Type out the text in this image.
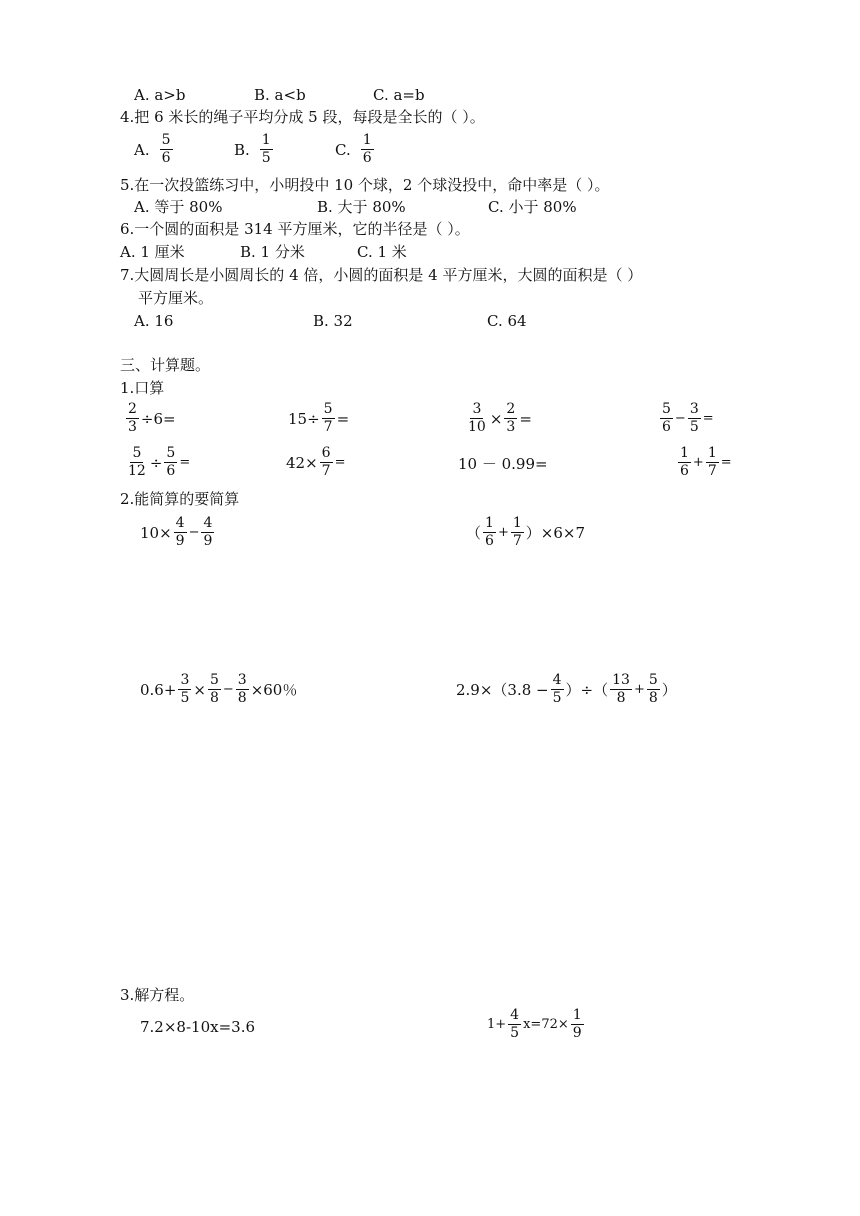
A. a>b	B. a<b	C. a=b
4.把 6 米长的绳子平均分成 5 段，每段是全长的（ ）。
A. $\frac{5}{6}$	B. $\frac{1}{5}$	C. $\frac{1}{6}$
5.在一次投篮练习中，小明投中 10 个球，2 个球没投中，命中率是（ ）。
A. 等于 80%	B. 大于 80%	C. 小于 80%
6.一个圆的面积是 314 平方厘米，它的半径是（ ）。
A. 1 厘米	B. 1 分米	C. 1 米
7.大圆周长是小圆周长的 4 倍，小圆的面积是 4 平方厘米，大圆的面积是（ ）
平方厘米。
A. 16	B. 32	C. 64
三、计算题。
1.口算
$\frac{2}{3} \div 6=$	$15\div \frac{5}{7}$ =	$\frac{3}{10} \times \frac{2}{3}$ =	$\frac{5}{6} - \frac{3}{5}$ =
$\frac{5}{12} \div \frac{5}{6}$ =	$42\times \frac{6}{7}$ =	10 － 0.99=	$\frac{1}{6} + \frac{1}{7}$ =
2.能简算的要简算
$10\times \frac{4}{9} - \frac{4}{9}$	（ $\frac{1}{6} + \frac{1}{7} )\times 6\times 7$
$0.6+ \frac{3}{5} \times \frac{5}{8} - \frac{3}{8} \times 60$％	$2.9\times(3.8 - \frac{4}{5}$ ）÷（ $\frac{13}{8} + \frac{5}{8}$ ）
3.解方程。
7.2×8-10x=3.6	$1+ \frac{4}{5} x=72\times \frac{1}{9}$
